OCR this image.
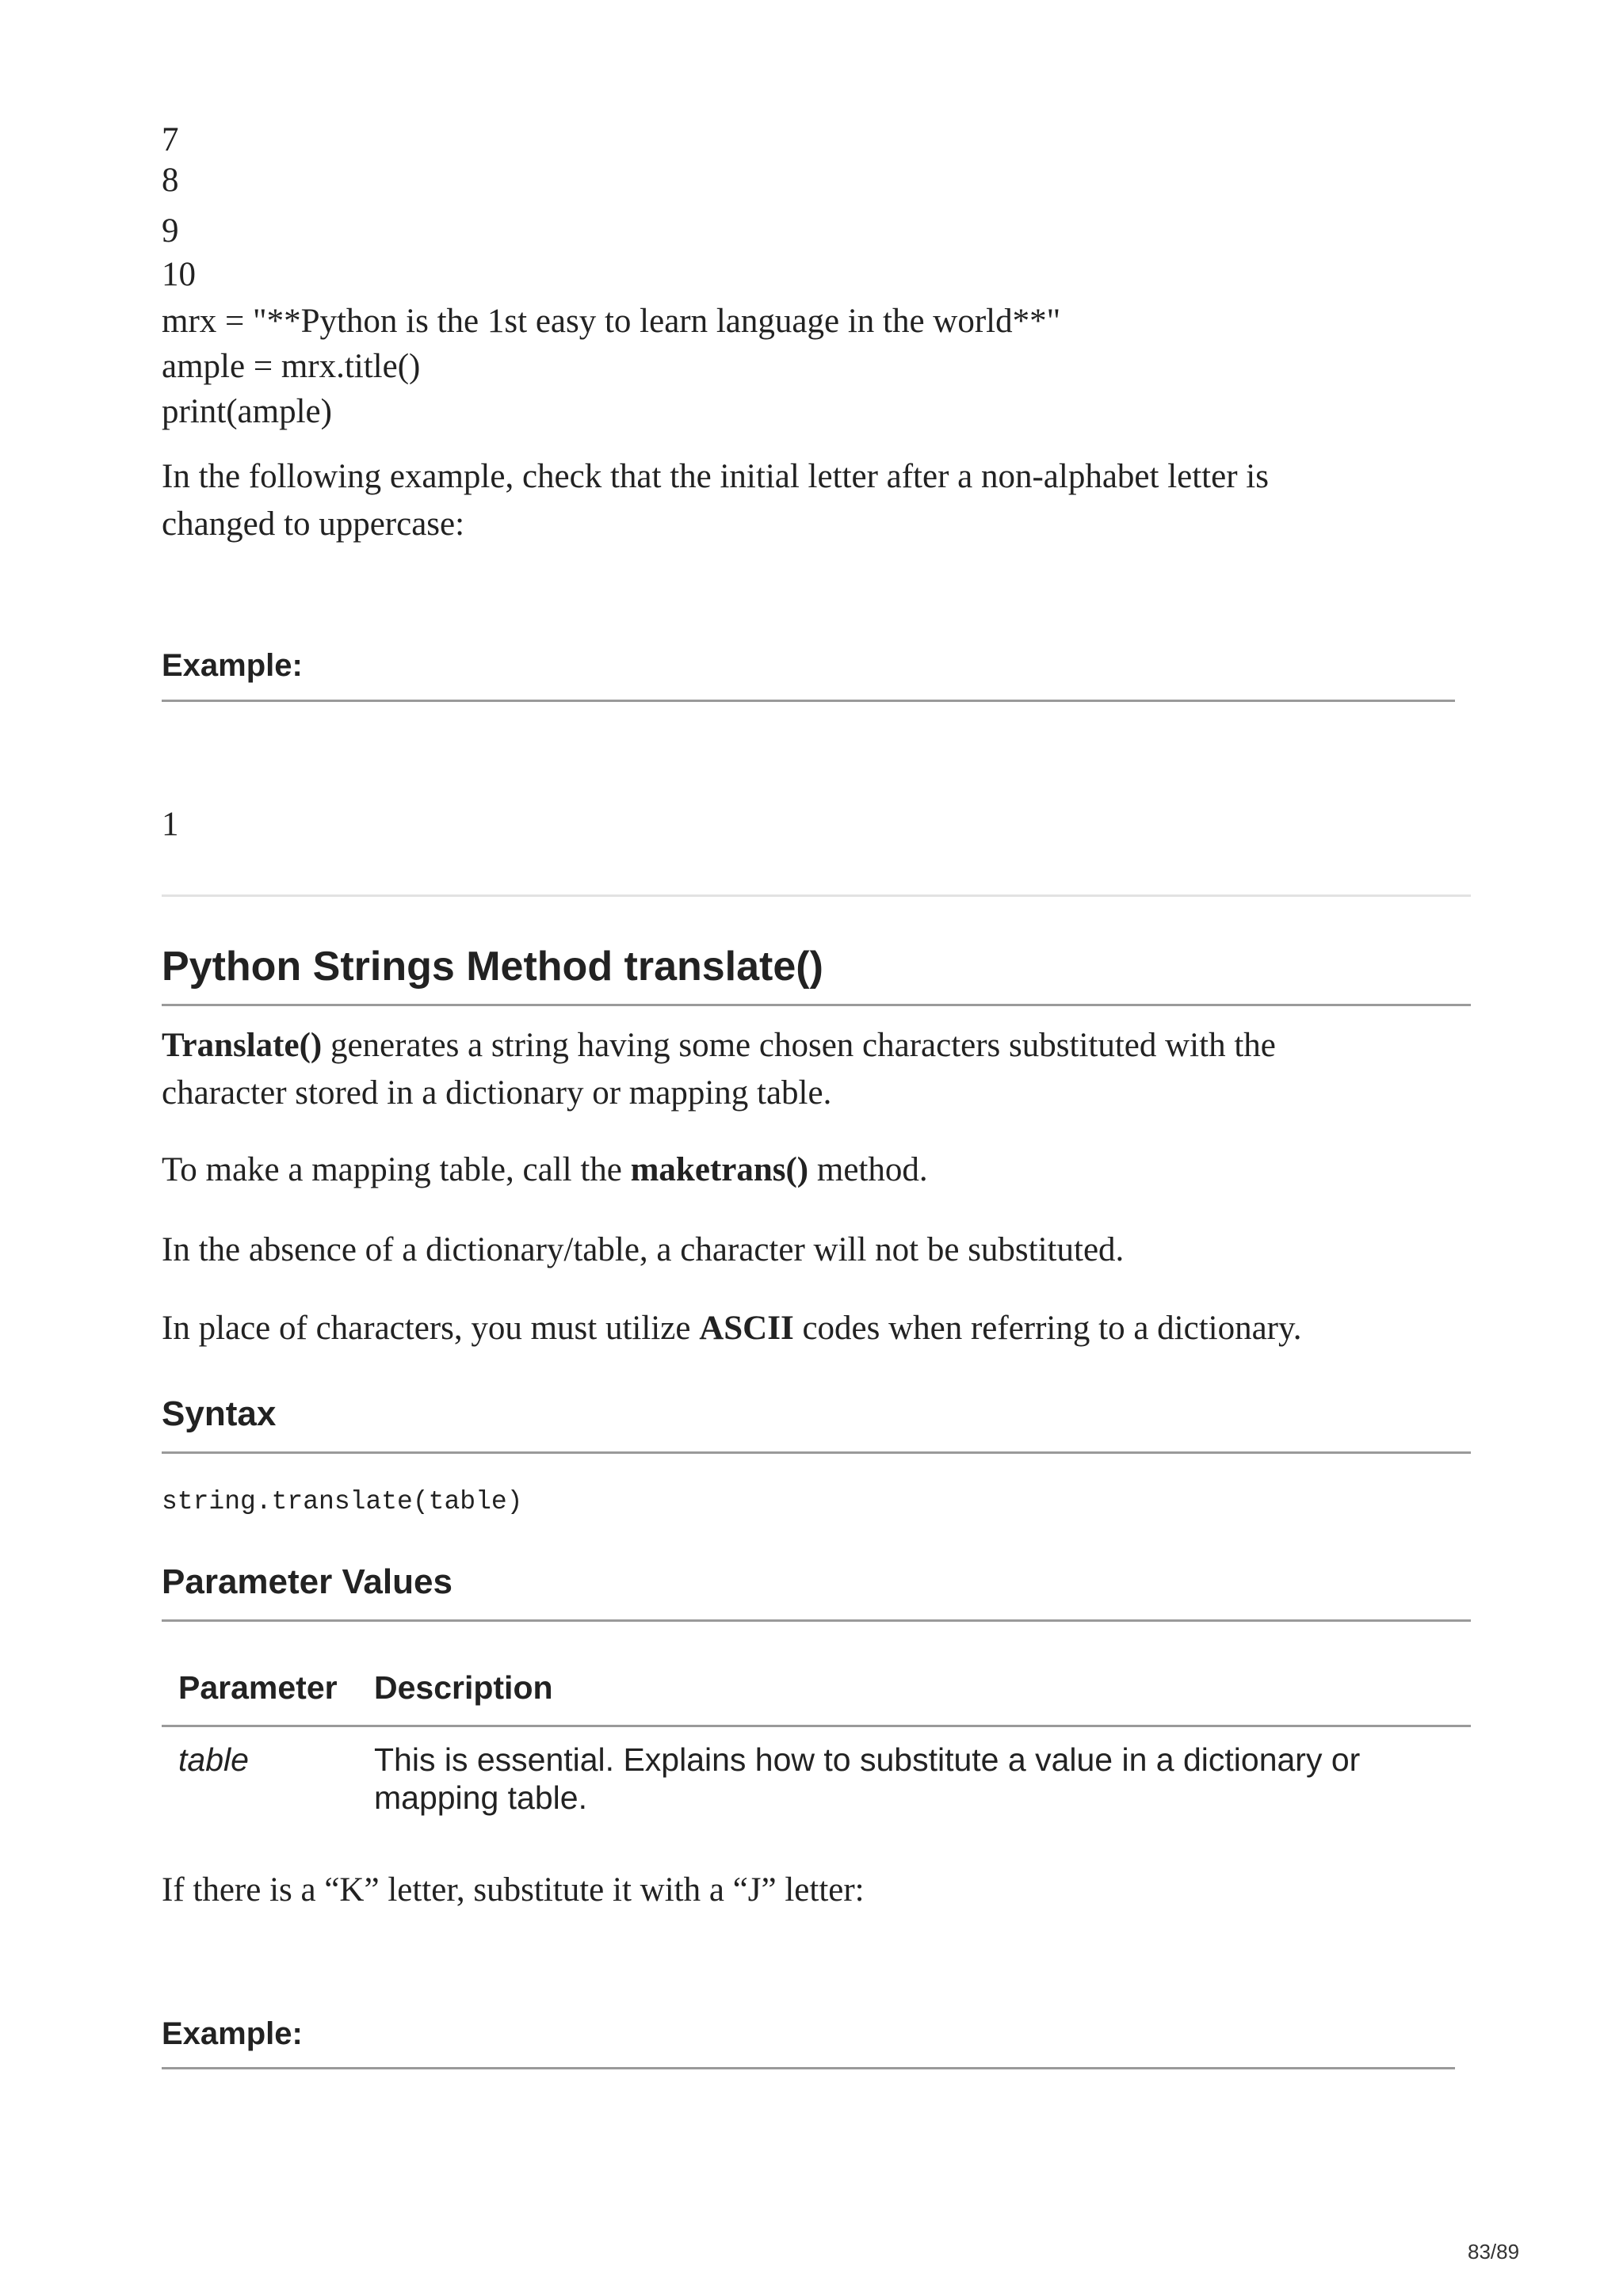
7
8
9
10
mrx = "**Python is the 1st easy to learn language in the world**"
ample = mrx.title()
print(ample)
In the following example, check that the initial letter after a non-alphabet letter is
changed to uppercase:
Example:
1
Python Strings Method translate()
Translate() generates a string having some chosen characters substituted with the
character stored in a dictionary or mapping table.
To make a mapping table, call the maketrans() method.
In the absence of a dictionary/table, a character will not be substituted.
In place of characters, you must utilize ASCII codes when referring to a dictionary.
Syntax
string.translate(table)
Parameter Values
Parameter Description
table	This is essential. Explains how to substitute a value in a dictionary or
mapping table.
If there is a “K” letter, substitute it with a “J” letter:
Example:
83/89
